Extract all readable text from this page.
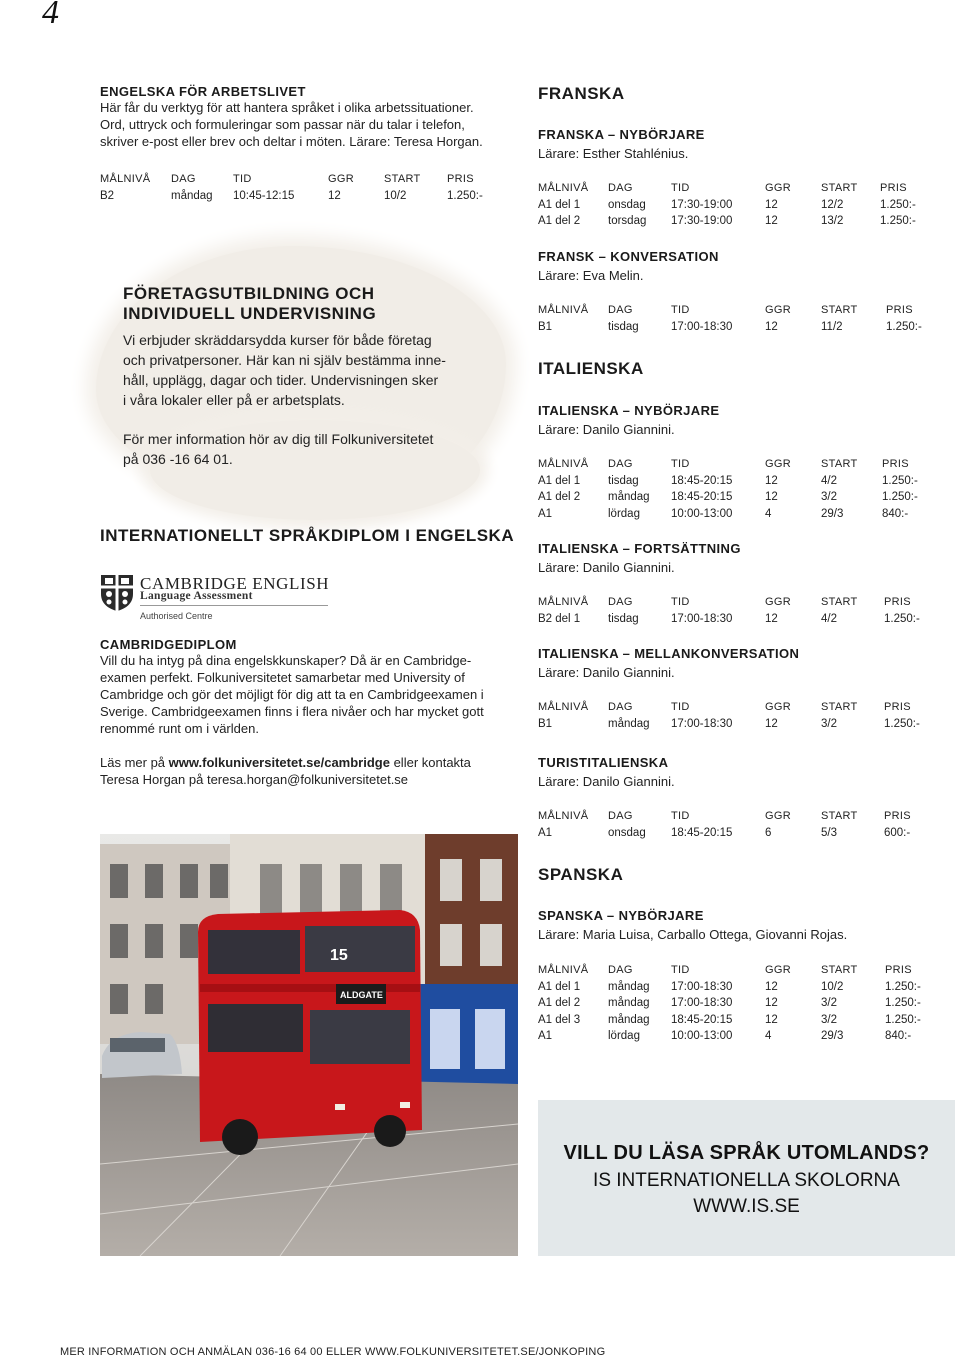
4
ENGELSKA FÖR ARBETSLIVET

Här får du verktyg för att hantera språket i olika arbetssituationer.

Ord, uttryck och formuleringar som passar när du talar i telefon,

skriver e-post eller brev och deltar i möten. Lärare: Teresa Horgan.

MÅLNIVÅ DAG	TID	GGR	START PRIS
B2	måndag 10:45-12:15	12	10/2	1.250:-
FÖRETAGSUTBILDNING OCH
INDIVIDUELL UNDERVISNING

Vi erbjuder skräddarsydda kurser för både företag

och privatpersoner. Här kan ni själv bestämma inne-

håll, upplägg, dagar och tider. Undervisningen sker

i våra lokaler eller på er arbetsplats.

För mer information hör av dig till Folkuniversitetet

på 036 -16 64 01.

INTERNATIONELLT SPRÅKDIPLOM I ENGELSKA
CAMBRIDGE ENGLISH
Language Assessment
Authorised Centre
CAMBRIDGEDIPLOM

Vill du ha intyg på dina engelskkunskaper? Då är en Cambridge-

examen perfekt. Folkuniversitetet samarbetar med University of

Cambridge och gör det möjligt för dig att ta en Cambridgeexamen i

Sverige. Cambridgeexamen finns i flera nivåer och har mycket gott

renommé runt om i världen.

Läs mer på www.folkuniversitetet.se/cambridge eller kontakta

Teresa Horgan på teresa.horgan@folkuniversitetet.se

15
ALDGATE
FRANSKA
FRANSKA – NYBÖRJARE

Lärare: Esther Stahlénius.

MÅLNIVÅ DAG	TID	GGR	START PRIS
A1 del 1 onsdag 17:30-19:00	12	12/2	1.250:-
A1 del 2 torsdag 17:30-19:00	12	13/2	1.250:-
FRANSK – KONVERSATION

Lärare: Eva Melin.

MÅLNIVÅ DAG	TID	GGR	START	PRIS
B1	tisdag	17:00-18:30	12	11/2	1.250:-
ITALIENSKA
ITALIENSKA – NYBÖRJARE

Lärare: Danilo Giannini.

MÅLNIVÅ DAG	TID	GGR	START PRIS
A1 del 1 tisdag	18:45-20:15	12	4/2	1.250:-
A1 del 2 måndag 18:45-20:15	12	3/2	1.250:-
A1	lördag	10:00-13:00	4	29/3	840:-
ITALIENSKA – FORTSÄTTNING

Lärare: Danilo Giannini.

MÅLNIVÅ DAG	TID	GGR	START PRIS
B2 del 1 tisdag	17:00-18:30	12	4/2	1.250:-
ITALIENSKA – MELLANKONVERSATION

Lärare: Danilo Giannini.

MÅLNIVÅ DAG	TID	GGR	START PRIS
B1	måndag 17:00-18:30	12	3/2	1.250:-
TURISTITALIENSKA

Lärare: Danilo Giannini.

MÅLNIVÅ DAG	TID	GGR	START PRIS
A1	onsdag 18:45-20:15	6	5/3	600:-
SPANSKA
SPANSKA – NYBÖRJARE

Lärare: Maria Luisa, Carballo Ottega, Giovanni Rojas.

MÅLNIVÅ DAG	TID	GGR	START PRIS
A1 del 1 måndag 17:00-18:30	12	10/2	1.250:-
A1 del 2 måndag 17:00-18:30	12	3/2	1.250:-
A1 del 3 måndag 18:45-20:15	12	3/2	1.250:-
A1	lördag	10:00-13:00	4	29/3	840:-
VILL DU LÄSA SPRÅK UTOMLANDS?
IS INTERNATIONELLA SKOLORNA
WWW.IS.SE
MER INFORMATION OCH ANMÄLAN 036-16 64 00 ELLER WWW.FOLKUNIVERSITETET.SE/JONKOPING
